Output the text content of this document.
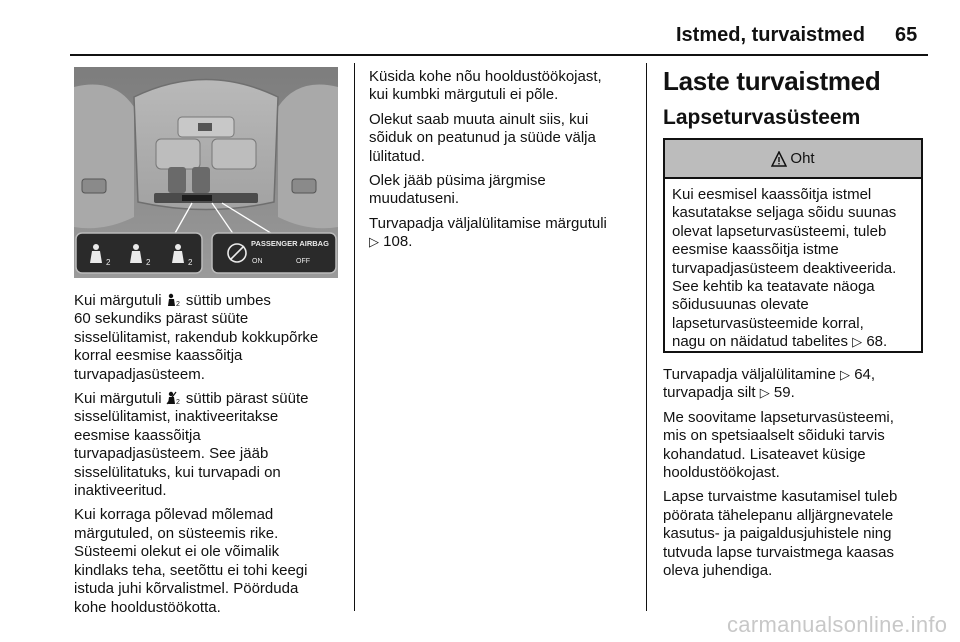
Istmed, turvaistmed 65
2	2	2
PASSENGER AIRBAG
ON	OFF

Kui märgutuli 2 süttib umbes
60 sekundiks pärast süüte
sisselülitamist, rakendub kokkupõrke
korral eesmise kaassõitja
turvapadjasüsteem.

Kui märgutuli 2 süttib pärast süüte
sisselülitamist, inaktiveeritakse
eesmise kaassõitja
turvapadjasüsteem. See jääb
sisselülitatuks, kui turvapadi on
inaktiveeritud.

Kui korraga põlevad mõlemad
märgutuled, on süsteemis rike.
Süsteemi olekut ei ole võimalik
kindlaks teha, seetõttu ei tohi keegi
istuda juhi kõrvalistmel. Pöörduda
kohe hooldustöökotta.

Küsida kohe nõu hooldustöökojast,
kui kumbki märgutuli ei põle.

Olekut saab muuta ainult siis, kui
sõiduk on peatunud ja süüde välja
lülitatud.

Olek jääb püsima järgmise
muudatuseni.

Turvapadja väljalülitamise märgutuli
▷ 108.

Laste turvaistmed
Lapseturvasüsteem
Oht
Kui eesmisel kaassõitja istmel
kasutatakse seljaga sõidu suunas
olevat lapseturvasüsteemi, tuleb
eesmise kaassõitja istme
turvapadjasüsteem deaktiveerida.
See kehtib ka teatavate näoga
sõidusuunas olevate
lapseturvasüsteemide korral,
nagu on näidatud tabelites ▷ 68.

Turvapadja väljalülitamine ▷ 64,
turvapadja silt ▷ 59.

Me soovitame lapseturvasüsteemi,
mis on spetsiaalselt sõiduki tarvis
kohandatud. Lisateavet küsige
hooldustöökojast.

Lapse turvaistme kasutamisel tuleb
pöörata tähelepanu alljärgnevatele
kasutus- ja paigaldusjuhistele ning
tutvuda lapse turvaistmega kaasas
oleva juhendiga.

carmanualsonline.info
